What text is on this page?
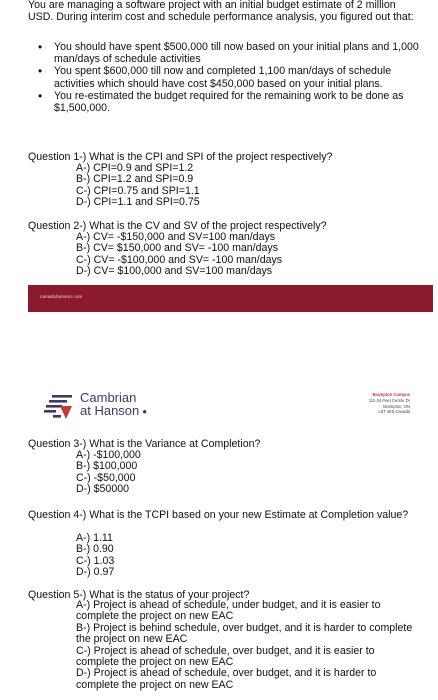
You are managing a software project with an initial budget estimate of 2 million USD. During interim cost and schedule performance analysis, you figured out that:
• You should have spent $500,000 till now based on your initial plans and 1,000 man/days of schedule activities
• You spent $600,000 till now and completed 1,100 man/days of schedule activities which should have cost $450,000 based on your initial plans.
• You re-estimated the budget required for the remaining work to be done as $1,500,000.
Question 1-) What is the CPI and SPI of the project respectively?
A-) CPI=0.9 and SPI=1.2
B-) CPI=1.2 and SPI=0.9
C-) CPI=0.75 and SPI=1.1
D-) CPI=1.1 and SPI=0.75
Question 2-) What is the CV and SV of the project respectively?
A-) CV= -$150,000 and SV=100 man/days
B-) CV= $150,000 and SV= -100 man/days
C-) CV= -$100,000 and SV= -100 man/days
D-) CV= $100,000 and SV=100 man/days
canadahanson.com
Cambrian
at Hanson ●
Brampton Campus
111-44 Peel Centre Dr
Brampton, ON
L6T 4E5 Canada
Question 3-) What is the Variance at Completion?
A-) -$100,000
B-) $100,000
C-) -$50,000
D-) $50000
Question 4-) What is the TCPI based on your new Estimate at Completion value?
A-) 1.11
B-) 0.90
C-) 1.03
D-) 0.97
Question 5-) What is the status of your project?
A-) Project is ahead of schedule, under budget, and it is easier to complete the project on new EAC
B-) Project is behind schedule, over budget, and it is harder to complete the project on new EAC
C-) Project is ahead of schedule, over budget, and it is easier to complete the project on new EAC
D-) Project is ahead of schedule, over budget, and it is harder to complete the project on new EAC
